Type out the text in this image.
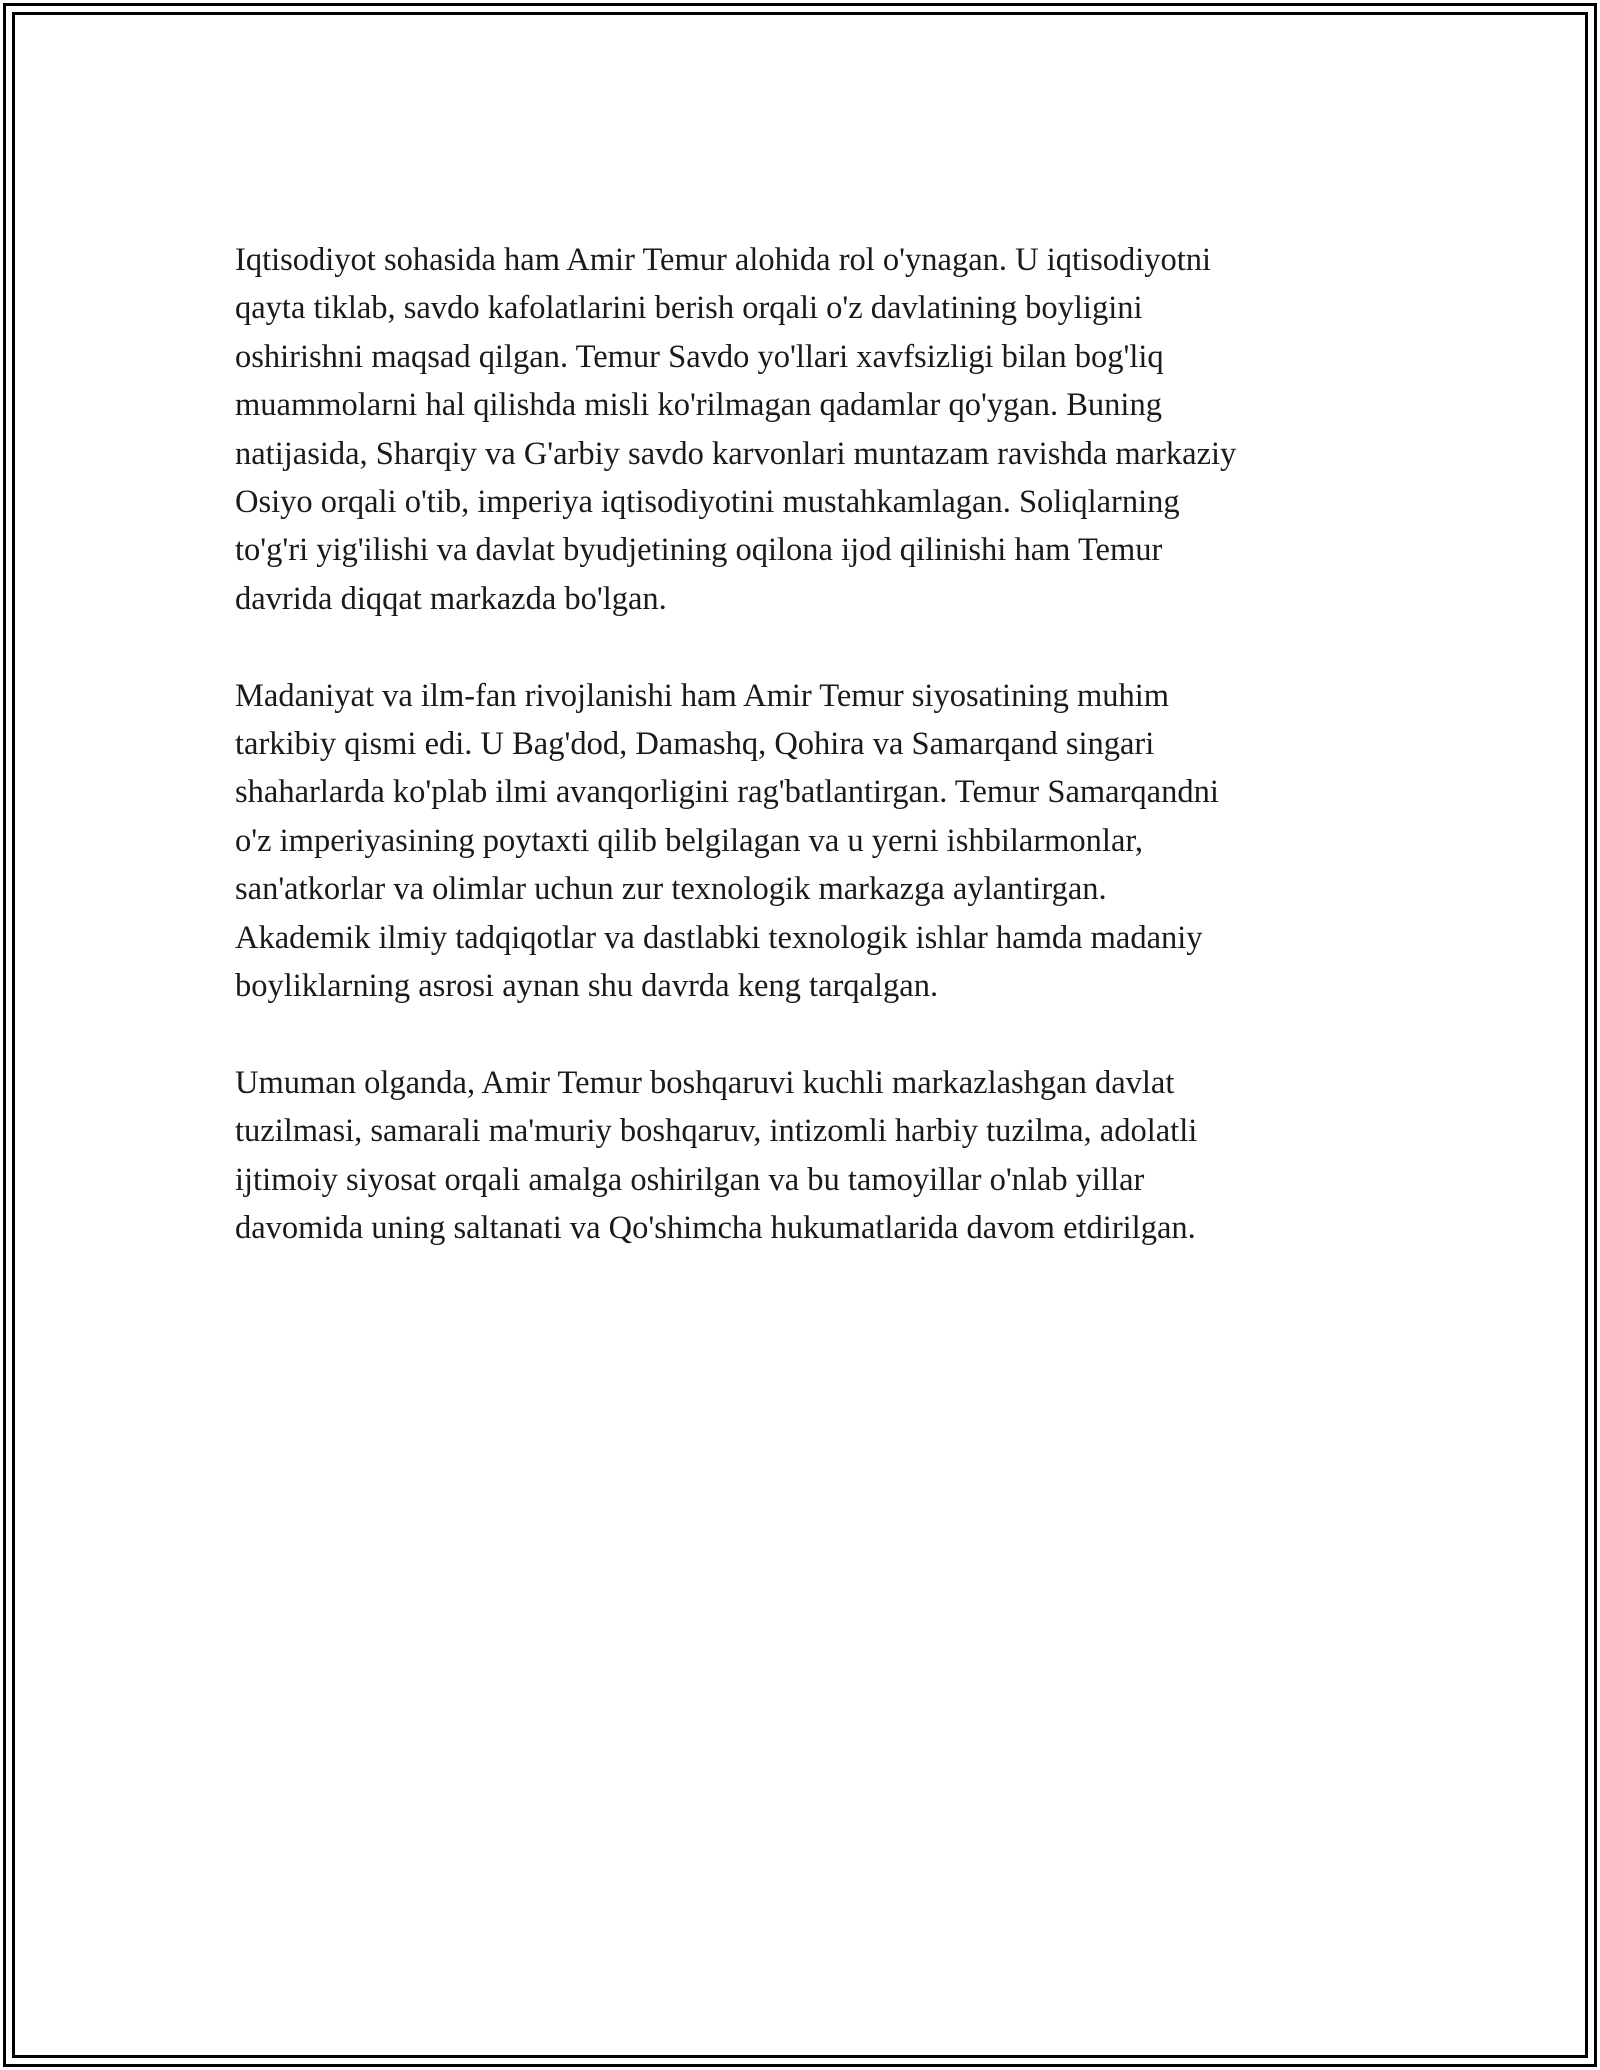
Iqtisodiyot sohasida ham Amir Temur alohida rol o'ynagan. U iqtisodiyotni
qayta tiklab, savdo kafolatlarini berish orqali o'z davlatining boyligini
oshirishni maqsad qilgan. Temur Savdo yo'llari xavfsizligi bilan bog'liq
muammolarni hal qilishda misli ko'rilmagan qadamlar qo'ygan. Buning
natijasida, Sharqiy va G'arbiy savdo karvonlari muntazam ravishda markaziy
Osiyo orqali o'tib, imperiya iqtisodiyotini mustahkamlagan. Soliqlarning
to'g'ri yig'ilishi va davlat byudjetining oqilona ijod qilinishi ham Temur
davrida diqqat markazda bo'lgan.

Madaniyat va ilm-fan rivojlanishi ham Amir Temur siyosatining muhim
tarkibiy qismi edi. U Bag'dod, Damashq, Qohira va Samarqand singari
shaharlarda ko'plab ilmi avanqorligini rag'batlantirgan. Temur Samarqandni
o'z imperiyasining poytaxti qilib belgilagan va u yerni ishbilarmonlar,
san'atkorlar va olimlar uchun zur texnologik markazga aylantirgan.
Akademik ilmiy tadqiqotlar va dastlabki texnologik ishlar hamda madaniy
boyliklarning asrosi aynan shu davrda keng tarqalgan.

Umuman olganda, Amir Temur boshqaruvi kuchli markazlashgan davlat
tuzilmasi, samarali ma'muriy boshqaruv, intizomli harbiy tuzilma, adolatli
ijtimoiy siyosat orqali amalga oshirilgan va bu tamoyillar o'nlab yillar
davomida uning saltanati va Qo'shimcha hukumatlarida davom etdirilgan.
